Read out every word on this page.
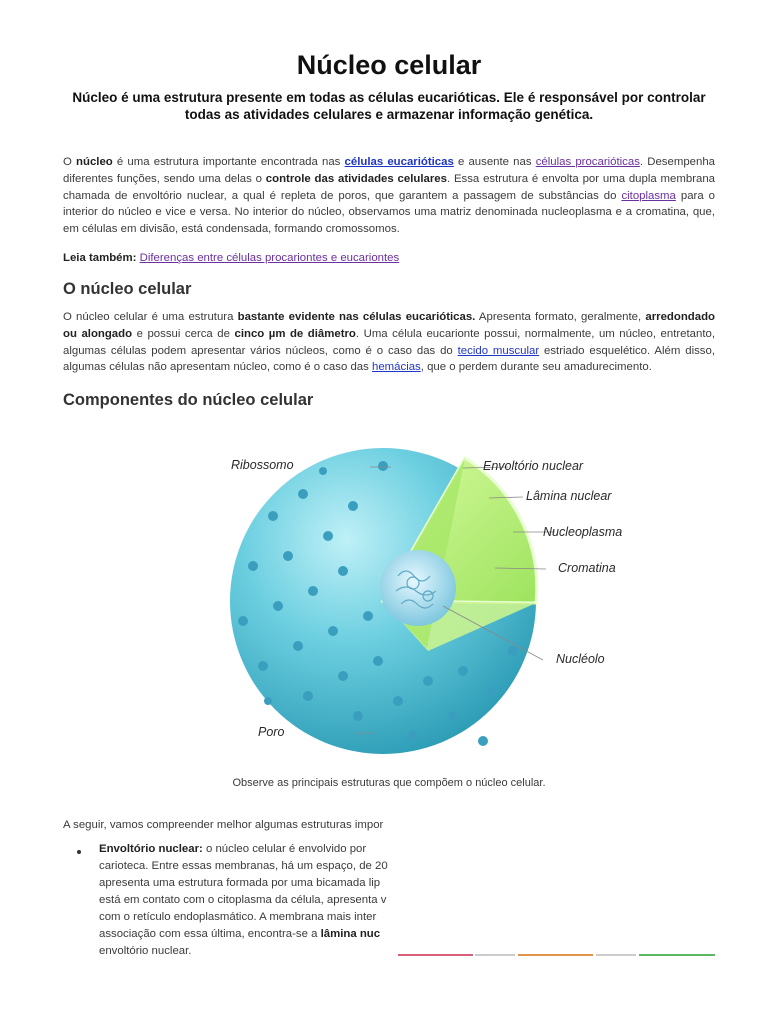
Núcleo celular

Núcleo é uma estrutura presente em todas as células eucarióticas. Ele é responsável por controlar todas as atividades celulares e armazenar informação genética.

O núcleo é uma estrutura importante encontrada nas células eucarióticas e ausente nas células procarióticas. Desempenha diferentes funções, sendo uma delas o controle das atividades celulares. Essa estrutura é envolta por uma dupla membrana chamada de envoltório nuclear, a qual é repleta de poros, que garantem a passagem de substâncias do citoplasma para o interior do núcleo e vice e versa. No interior do núcleo, observamos uma matriz denominada nucleoplasma e a cromatina, que, em células em divisão, está condensada, formando cromossomos.

Leia também: Diferenças entre células procariontes e eucariontes

O núcleo celular

O núcleo celular é uma estrutura bastante evidente nas células eucarióticas. Apresenta formato, geralmente, arredondado ou alongado e possui cerca de cinco µm de diâmetro. Uma célula eucarionte possui, normalmente, um núcleo, entretanto, algumas células podem apresentar vários núcleos, como é o caso das do tecido muscular estriado esquelético. Além disso, algumas células não apresentam núcleo, como é o caso das hemácias, que o perdem durante seu amadurecimento.

Componentes do núcleo celular
Ribossomo	Envoltório nuclear
Lâmina nuclear
Nucleoplasma
Cromatina
Nucléolo
Poro
Observe as principais estruturas que compõem o núcleo celular.

A seguir, vamos compreender melhor algumas estruturas impor

Envoltório nuclear: o núcleo celular é envolvido por
carioteca. Entre essas membranas, há um espaço, de 20
apresenta uma estrutura formada por uma bicamada lip
está em contato com o citoplasma da célula, apresenta v
com o retículo endoplasmático. A membrana mais inter
associação com essa última, encontra-se a lâmina nuc
envoltório nuclear.
